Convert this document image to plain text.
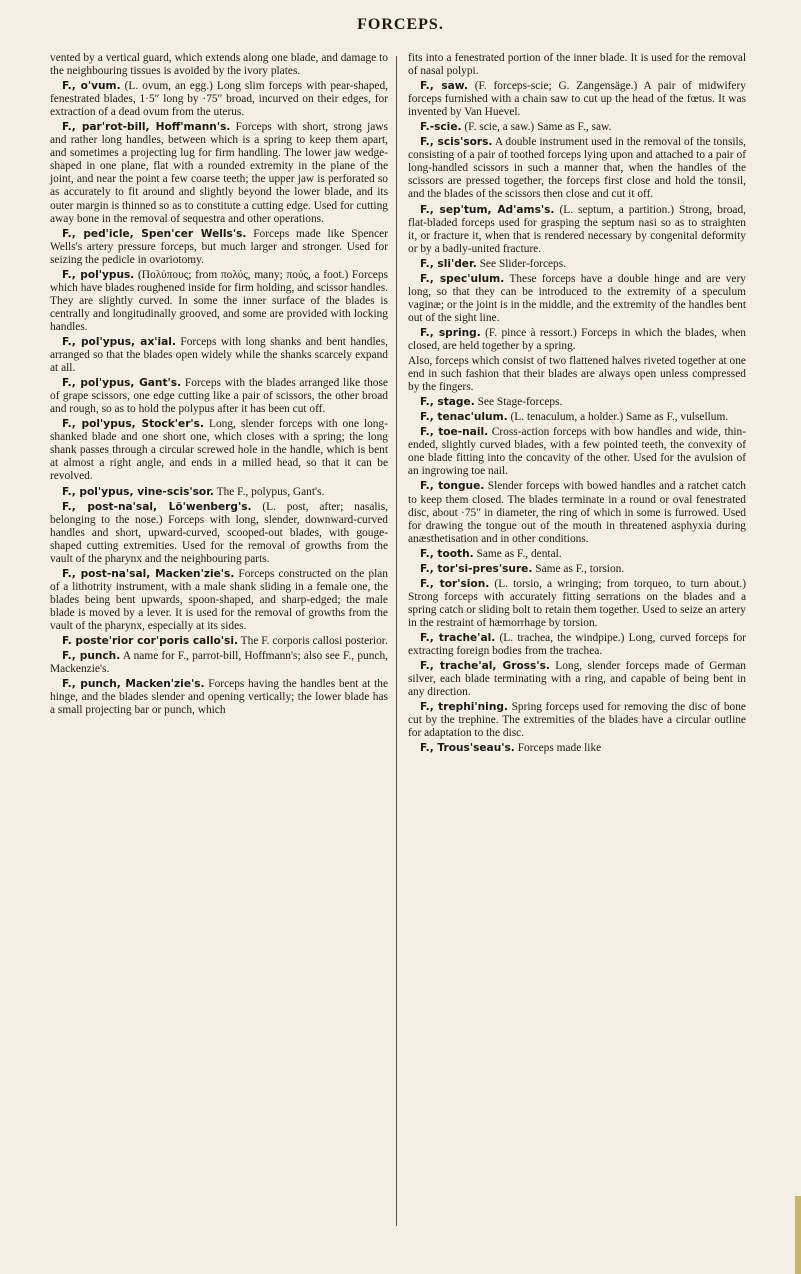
FORCEPS.

vented by a vertical guard, which extends along one blade, and damage to the neighbouring tissues is avoided by the ivory plates.

F., o'vum. (L. ovum, an egg.) Long slim forceps with pear-shaped, fenestrated blades, 1·5″ long by ·75″ broad, incurved on their edges, for extraction of a dead ovum from the uterus.

F., par'rot-bill, Hoff'mann's. Forceps with short, strong jaws and rather long handles, between which is a spring to keep them apart, and sometimes a projecting lug for firm handling. The lower jaw wedge-shaped in one plane, flat with a rounded extremity in the plane of the joint, and near the point a few coarse teeth; the upper jaw is perforated so as accurately to fit around and slightly beyond the lower blade, and its outer margin is thinned so as to constitute a cutting edge. Used for cutting away bone in the removal of sequestra and other operations.

F., ped'icle, Spen'cer Wells's. Forceps made like Spencer Wells's artery pressure forceps, but much larger and stronger. Used for seizing the pedicle in ovariotomy.

F., pol'ypus. (Πολύπους; from πολύς, many; πούς, a foot.) Forceps which have blades roughened inside for firm holding, and scissor handles. They are slightly curved. In some the inner surface of the blades is centrally and longitudinally grooved, and some are provided with locking handles.

F., pol'ypus, ax'ial. Forceps with long shanks and bent handles, arranged so that the blades open widely while the shanks scarcely expand at all.

F., pol'ypus, Gant's. Forceps with the blades arranged like those of grape scissors, one edge cutting like a pair of scissors, the other broad and rough, so as to hold the polypus after it has been cut off.

F., pol'ypus, Stock'er's. Long, slender forceps with one long-shanked blade and one short one, which closes with a spring; the long shank passes through a circular screwed hole in the handle, which is bent at almost a right angle, and ends in a milled head, so that it can be revolved.

F., pol'ypus, vine-scis'sor. The F., polypus, Gant's.

F., post-na'sal, Lö'wenberg's. (L. post, after; nasalis, belonging to the nose.) Forceps with long, slender, downward-curved handles and short, upward-curved, scooped-out blades, with gouge-shaped cutting extremities. Used for the removal of growths from the vault of the pharynx and the neighbouring parts.

F., post-na'sal, Macken'zie's. Forceps constructed on the plan of a lithotrity instrument, with a male shank sliding in a female one, the blades being bent upwards, spoon-shaped, and sharp-edged; the male blade is moved by a lever. It is used for the removal of growths from the vault of the pharynx, especially at its sides.

F. poste'rior cor'poris callo'si. The F. corporis callosi posterior.

F., punch. A name for F., parrot-bill, Hoffmann's; also see F., punch, Mackenzie's.

F., punch, Macken'zie's. Forceps having the handles bent at the hinge, and the blades slender and opening vertically; the lower blade has a small projecting bar or punch, which

fits into a fenestrated portion of the inner blade. It is used for the removal of nasal polypi.

F., saw. (F. forceps-scie; G. Zangensäge.) A pair of midwifery forceps furnished with a chain saw to cut up the head of the fœtus. It was invented by Van Huevel.

F.-scie. (F. scie, a saw.) Same as F., saw.

F., scis'sors. A double instrument used in the removal of the tonsils, consisting of a pair of toothed forceps lying upon and attached to a pair of long-handled scissors in such a manner that, when the handles of the scissors are pressed together, the forceps first close and hold the tonsil, and the blades of the scissors then close and cut it off.

F., sep'tum, Ad'ams's. (L. septum, a partition.) Strong, broad, flat-bladed forceps used for grasping the septum nasi so as to straighten it, or fracture it, when that is rendered necessary by congenital deformity or by a badly-united fracture.

F., sli'der. See Slider-forceps.

F., spec'ulum. These forceps have a double hinge and are very long, so that they can be introduced to the extremity of a speculum vaginæ; or the joint is in the middle, and the extremity of the handles bent out of the sight line.

F., spring. (F. pince à ressort.) Forceps in which the blades, when closed, are held together by a spring.

Also, forceps which consist of two flattened halves riveted together at one end in such fashion that their blades are always open unless compressed by the fingers.

F., stage. See Stage-forceps.

F., tenac'ulum. (L. tenaculum, a holder.) Same as F., vulsellum.

F., toe-nail. Cross-action forceps with bow handles and wide, thin-ended, slightly curved blades, with a few pointed teeth, the convexity of one blade fitting into the concavity of the other. Used for the avulsion of an ingrowing toe nail.

F., tongue. Slender forceps with bowed handles and a ratchet catch to keep them closed. The blades terminate in a round or oval fenestrated disc, about ·75″ in diameter, the ring of which in some is furrowed. Used for drawing the tongue out of the mouth in threatened asphyxia during anæsthetisation and in other conditions.

F., tooth. Same as F., dental.

F., tor'si-pres'sure. Same as F., torsion.

F., tor'sion. (L. torsio, a wringing; from torqueo, to turn about.) Strong forceps with accurately fitting serrations on the blades and a spring catch or sliding bolt to retain them together. Used to seize an artery in the restraint of hæmorrhage by torsion.

F., trache'al. (L. trachea, the windpipe.) Long, curved forceps for extracting foreign bodies from the trachea.

F., trache'al, Gross's. Long, slender forceps made of German silver, each blade terminating with a ring, and capable of being bent in any direction.

F., trephi'ning. Spring forceps used for removing the disc of bone cut by the trephine. The extremities of the blades have a circular outline for adaptation to the disc.

F., Trous'seau's. Forceps made like
